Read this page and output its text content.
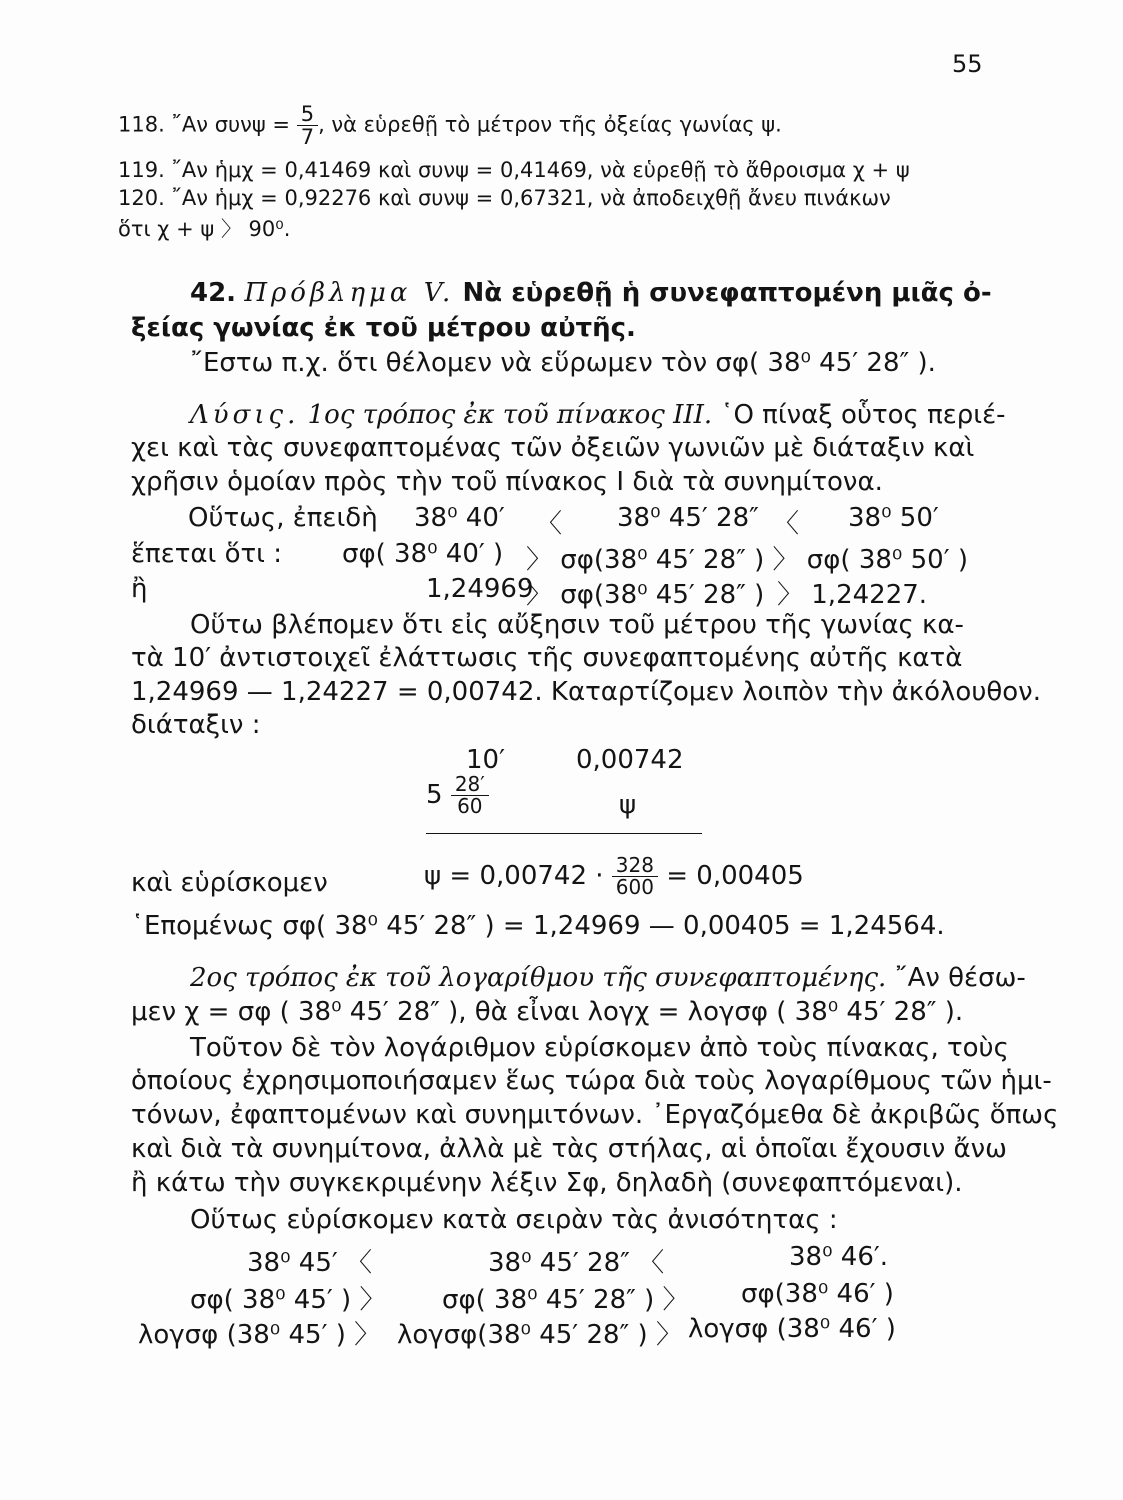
55
118. ῎Αν $\sigma\upsilon\nu\psi = \frac{5}{7}$ , νὰ εὑρεθῇ τὸ μέτρον τῆς ὀξείας γωνίας ψ.
119. ῎Αν ἡμχ = 0,41469 καὶ συνψ = 0,41469, νὰ εὑρεθῇ τὸ ἄθροισμα χ + ψ
120. ῎Αν ἡμχ = 0,92276 καὶ συνψ = 0,67321, νὰ ἀποδειχθῇ ἄνευ πινάκων
ὅτι χ + ψ 〉 90⁰.
42. Πρόβλημα V. Νὰ εὑρεθῇ ἡ συνεφαπτομένη μιᾶς ὀ-
ξείας γωνίας ἐκ τοῦ μέτρου αὐτῆς.
῎Εστω π.χ. ὅτι θέλομεν νὰ εὕρωμεν τὸν σφ( 38⁰ 45′ 28″ ).
Λύσις. 1ος τρόπος ἐκ τοῦ πίνακος III. ῾Ο πίναξ οὗτος περιέ-
χει καὶ τὰς συνεφαπτομένας τῶν ὀξειῶν γωνιῶν μὲ διάταξιν καὶ
χρῆσιν ὁμοίαν πρὸς τὴν τοῦ πίνακος I διὰ τὰ συνημίτονα.
Οὕτως, ἐπειδὴ 38⁰ 40′ 〈 38⁰ 45′ 28″ 〈 38⁰ 50′
ἕπεται ὅτι : σφ( 38⁰ 40′ ) 〉 σφ(38⁰ 45′ 28″ ) 〉 σφ( 38⁰ 50′ )
ἢ	1,24969
〉 σφ(38⁰ 45′ 28″ ) 〉 1,24227.
Οὕτω βλέπομεν ὅτι εἰς αὔξησιν τοῦ μέτρου τῆς γωνίας κα-
τὰ 10′ ἀντιστοιχεῖ ἐλάττωσις τῆς συνεφαπτομένης αὐτῆς κατὰ
1,24969 — 1,24227 = 0,00742. Καταρτίζομεν λοιπὸν τὴν ἀκόλουθον.
διάταξιν :
10′	0,00742
$5 \frac{28'}{60}$	ψ
καὶ εὑρίσκομεν	$\psi = 0,00742 \cdot \frac{328}{600} = 0,00405$
῾Επομένως σφ( 38⁰ 45′ 28″ ) = 1,24969 — 0,00405 = 1,24564.
2ος τρόπος ἐκ τοῦ λογαρίθμου τῆς συνεφαπτομένης. ῎Αν θέσω-
μεν χ = σφ ( 38⁰ 45′ 28″ ), θὰ εἶναι λογχ = λογσφ ( 38⁰ 45′ 28″ ).
Τοῦτον δὲ τὸν λογάριθμον εὑρίσκομεν ἀπὸ τοὺς πίνακας, τοὺς
ὁποίους ἐχρησιμοποιήσαμεν ἕως τώρα διὰ τοὺς λογαρίθμους τῶν ἡμι-
τόνων, ἐφαπτομένων καὶ συνημιτόνων. ᾽Εργαζόμεθα δὲ ἀκριβῶς ὅπως
καὶ διὰ τὰ συνημίτονα, ἀλλὰ μὲ τὰς στήλας, αἱ ὁποῖαι ἔχουσιν ἄνω
ἢ κάτω τὴν συγκεκριμένην λέξιν Σφ, δηλαδὴ (συνεφαπτόμεναι).
Οὕτως εὑρίσκομεν κατὰ σειρὰν τὰς ἀνισότητας :
38⁰ 45′ 〈	38⁰ 45′ 28″ 〈	38⁰ 46′.
σφ( 38⁰ 45′ ) 〉 σφ( 38⁰ 45′ 28″ ) 〉 σφ(38⁰ 46′ )
λογσφ (38⁰ 45′ ) 〉 λογσφ(38⁰ 45′ 28″ ) 〉 λογσφ (38⁰ 46′ )
